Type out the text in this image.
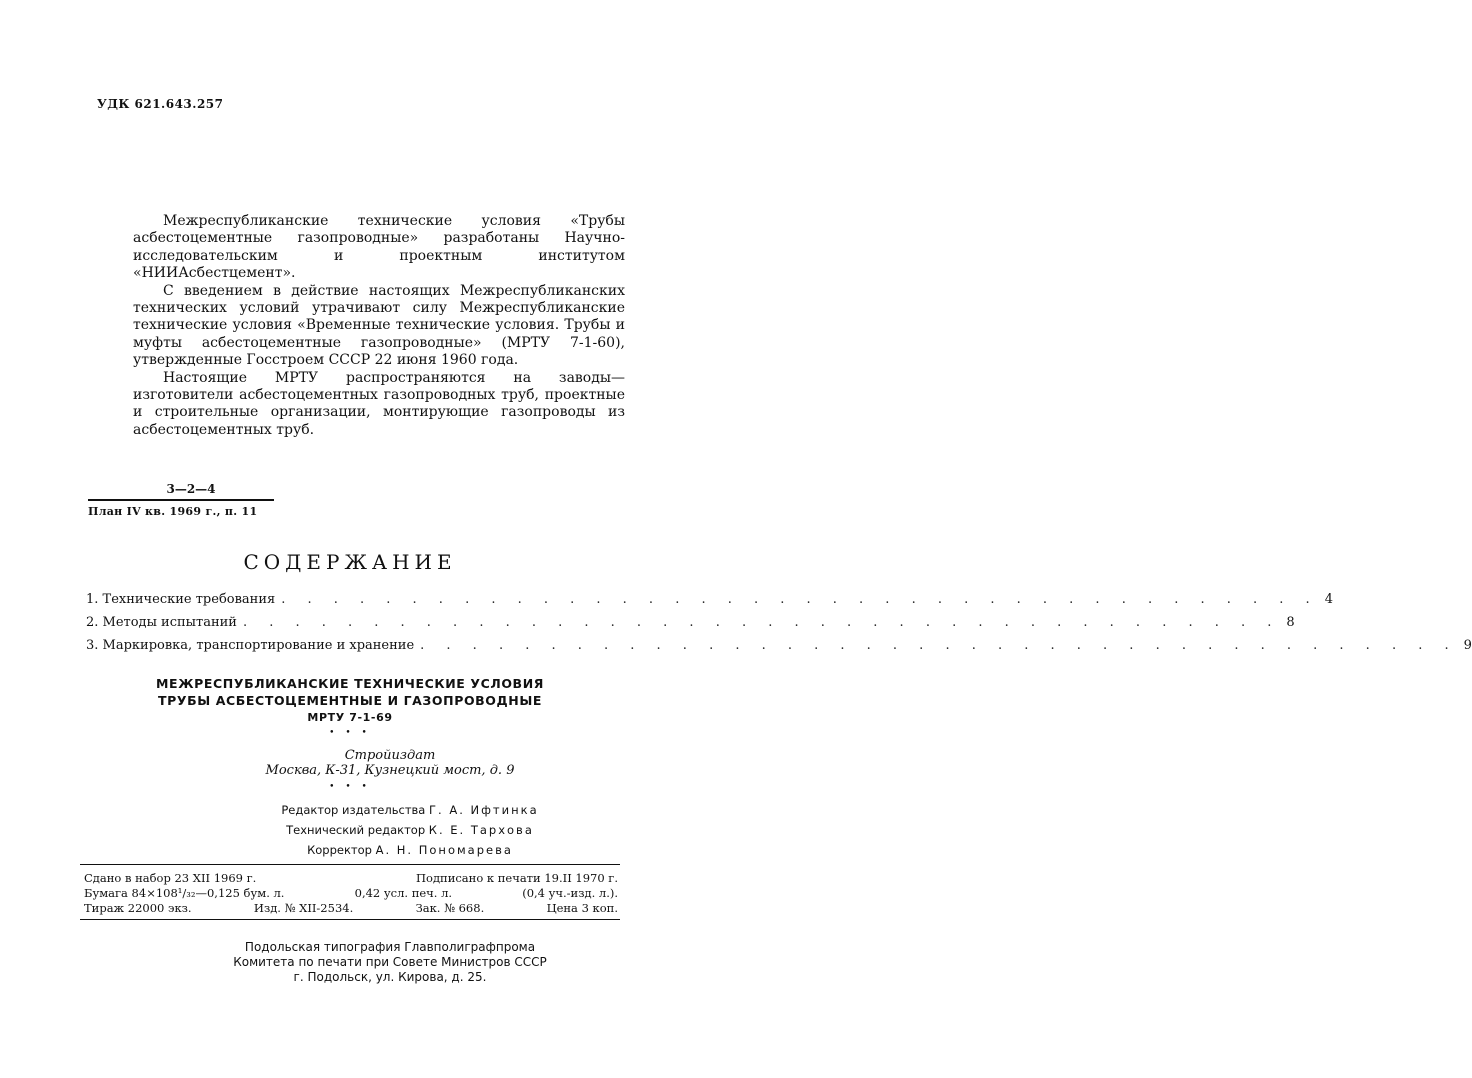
УДК 621.643.257

Межреспубликанские технические условия «Трубы асбестоцементные газопроводные» разработаны Научно-исследовательским и проектным институтом «НИИАсбестцемент».

С введением в действие настоящих Межреспубликанских технических условий утрачивают силу Межреспубликанские технические условия «Временные технические условия. Трубы и муфты асбестоцементные газопроводные» (МРТУ 7-1-60), утвержденные Госстроем СССР 22 июня 1960 года.

Настоящие МРТУ распространяются на заводы—изготовители асбестоцементных газопроводных труб, проектные и строительные организации, монтирующие газопроводы из асбестоцементных труб.

3—2—4
План IV кв. 1969 г., п. 11
СОДЕРЖАНИЕ
1. Технические требования . . . . . . . . . . . . . . . . . . . . . . . . . . . . . . . . . . . . . . . . 4
2. Методы испытаний . . . . . . . . . . . . . . . . . . . . . . . . . . . . . . . . . . . . . . . . 8
3. Маркировка, транспортирование и хранение . . . . . . . . . . . . . . . . . . . . . . . . . . . . . . . . . . . . . . . . 9
МЕЖРЕСПУБЛИКАНСКИЕ ТЕХНИЧЕСКИЕ УСЛОВИЯ
ТРУБЫ АСБЕСТОЦЕМЕНТНЫЕ И ГАЗОПРОВОДНЫЕ
МРТУ 7-1-69
• • •
Стройиздат
Москва, К-31, Кузнецкий мост, д. 9
• • •
Редактор издательства Г. А. Ифтинка
Технический редактор К. Е. Тархова
Корректор А. Н. Пономарева
Сдано в набор 23 XII 1969 г.	Подписано к печати 19.II 1970 г.
Бумага 84×108¹/₃₂—0,125 бум. л.	0,42 усл. печ. л.	(0,4 уч.-изд. л.).
Тираж 22000 экз.	Изд. № XII-2534.	Зак. № 668.	Цена 3 коп.
Подольская типография Главполиграфпрома
Комитета по печати при Совете Министров СССР
г. Подольск, ул. Кирова, д. 25.
